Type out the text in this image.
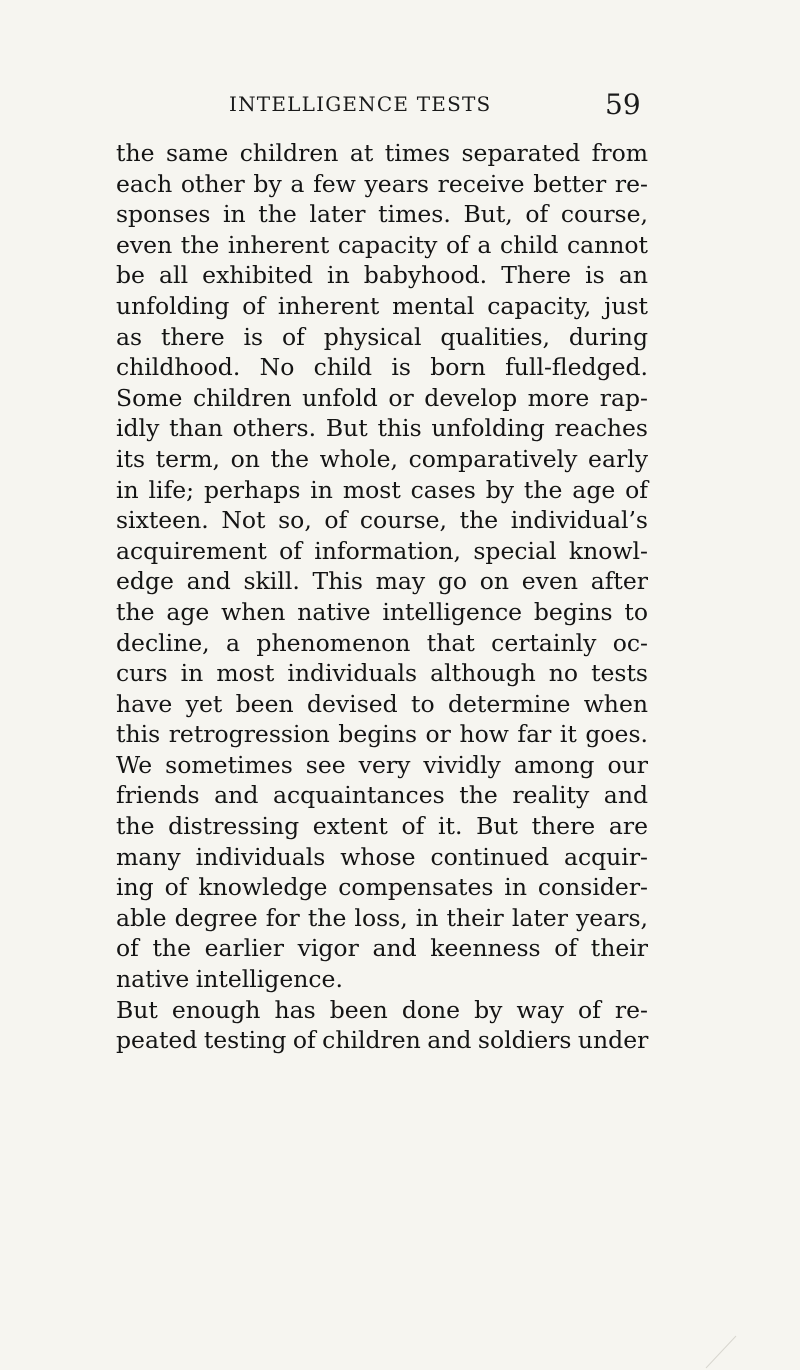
INTELLIGENCE TESTS	59
the same children at times separated from
each other by a few years receive better re-
sponses in the later times. But, of course,
even the inherent capacity of a child cannot
be all exhibited in babyhood. There is an
unfolding of inherent mental capacity, just
as there is of physical qualities, during
childhood. No child is born full-fledged.
Some children unfold or develop more rap-
idly than others. But this unfolding reaches
its term, on the whole, comparatively early
in life; perhaps in most cases by the age of
sixteen. Not so, of course, the individual’s
acquirement of information, special knowl-
edge and skill. This may go on even after
the age when native intelligence begins to
decline, a phenomenon that certainly oc-
curs in most individuals although no tests
have yet been devised to determine when
this retrogression begins or how far it goes.
We sometimes see very vividly among our
friends and acquaintances the reality and
the distressing extent of it. But there are
many individuals whose continued acquir-
ing of knowledge compensates in consider-
able degree for the loss, in their later years,
of the earlier vigor and keenness of their
native intelligence.
But enough has been done by way of re-
peated testing of children and soldiers under
